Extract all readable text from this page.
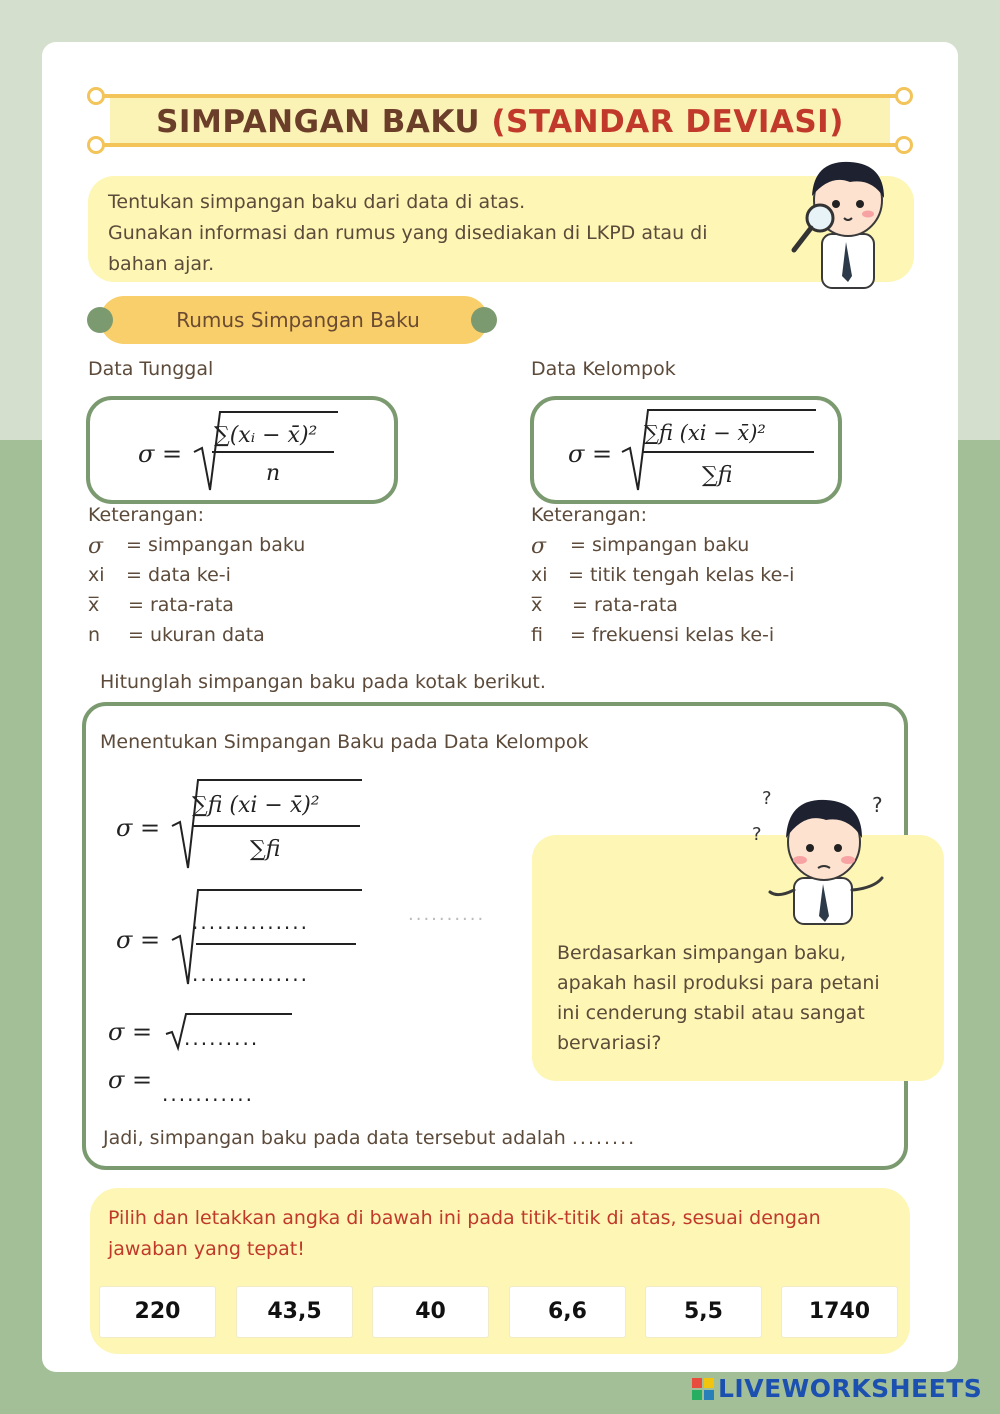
SIMPANGAN BAKU (STANDAR DEVIASI)
Tentukan simpangan baku dari data di atas.
Gunakan informasi dan rumus yang disediakan di LKPD atau di
bahan ajar.
Rumus Simpangan Baku
Data Tunggal
σ =
∑(xᵢ − x̄)²
n
Keterangan:
σ	= simpangan baku
xi = data ke-i
x̅ = rata-rata
n = ukuran data
Data Kelompok
σ =
∑fi (xi − x̄)²
∑fi
Keterangan:
σ = simpangan baku
xi = titik tengah kelas ke-i
x̅ = rata-rata
fi = frekuensi kelas ke-i
Hitunglah simpangan baku pada kotak berikut.
Menentukan Simpangan Baku pada Data Kelompok
σ =
∑fi (xi − x̄)²
∑fi
σ =
..............
..............
..........
σ = .........
σ = ...........
Jadi, simpangan baku pada data tersebut adalah ........
Berdasarkan simpangan baku,
apakah hasil produksi para petani
ini cenderung stabil atau sangat
bervariasi?
?	?
?
Pilih dan letakkan angka di bawah ini pada titik-titik di atas, sesuai dengan
jawaban yang tepat!
220	43,5	40	6,6	5,5	1740
LIVEWORKSHEETS
